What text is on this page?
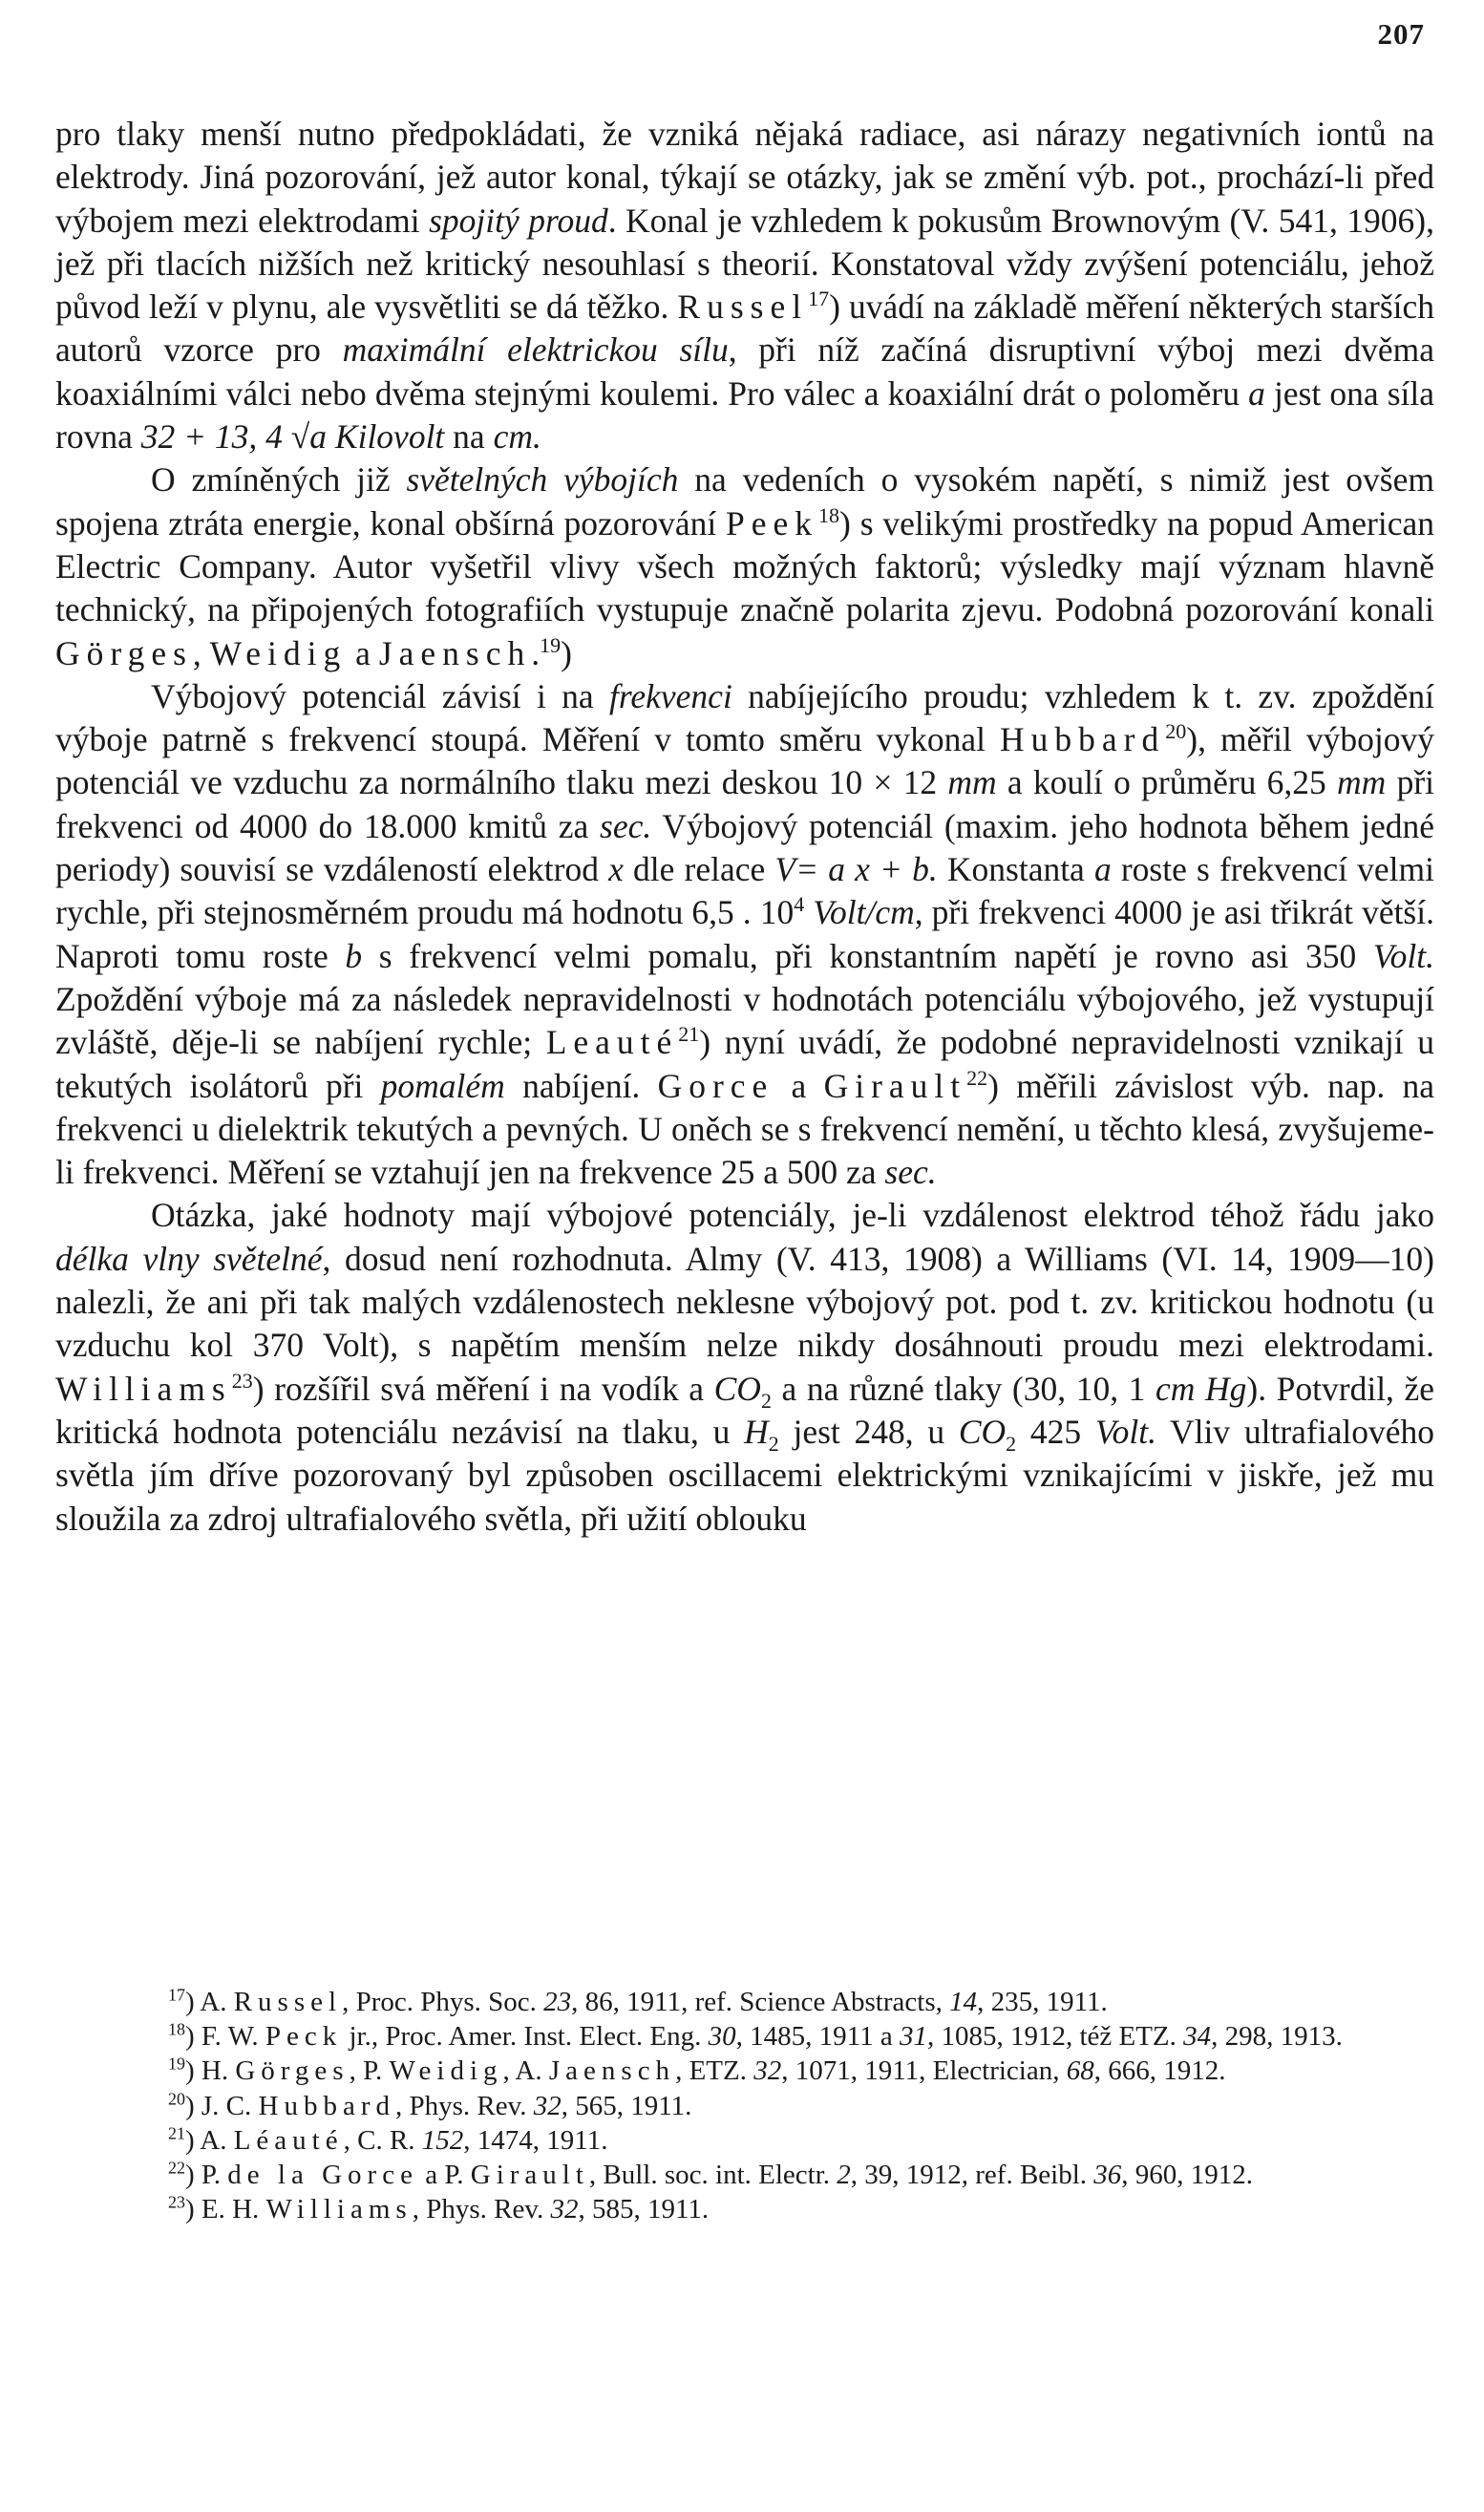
207

pro tlaky menší nutno předpokládati, že vzniká nějaká radiace, asi nárazy negativních iontů na elektrody. Jiná pozorování, jež autor konal, týkají se otázky, jak se změní výb. pot., prochází-li před výbojem mezi elektrodami spojitý proud. Konal je vzhledem k pokusům Brownovým (V. 541, 1906), jež při tlacích nižších než kritický nesouhlasí s theorií. Konstatoval vždy zvýšení potenciálu, jehož původ leží v plynu, ale vysvětliti se dá těžko. Russel$^{17}$) uvádí na základě měření některých starších autorů vzorce pro maximální elektrickou sílu, při níž začíná disruptivní výboj mezi dvěma koaxiálními válci nebo dvěma stejnými koulemi. Pro válec a koaxiální drát o poloměru a jest ona síla rovna 32 + 13, 4 √a Kilovolt na cm.

O zmíněných již světelných výbojích na vedeních o vysokém napětí, s nimiž jest ovšem spojena ztráta energie, konal obšírná pozorování Peek$^{18}$) s velikými prostředky na popud American Electric Company. Autor vyšetřil vlivy všech možných faktorů; výsledky mají význam hlavně technický, na připojených fotografiích vystupuje značně polarita zjevu. Podobná pozorování konali Görges, Weidig a Jaensch.$^{19}$)

Výbojový potenciál závisí i na frekvenci nabíjejícího proudu; vzhledem k t. zv. zpoždění výboje patrně s frekvencí stoupá. Měření v tomto směru vykonal Hubbard$^{20}$), měřil výbojový potenciál ve vzduchu za normálního tlaku mezi deskou 10 × 12 mm a koulí o průměru 6,25 mm při frekvenci od 4000 do 18.000 kmitů za sec. Výbojový potenciál (maxim. jeho hodnota během jedné periody) souvisí se vzdáleností elektrod x dle relace V= a x + b. Konstanta a roste s frekvencí velmi rychle, při stejnosměrném proudu má hodnotu 6,5 . $10^4$ Volt/cm, při frekvenci 4000 je asi třikrát větší. Naproti tomu roste b s frekvencí velmi pomalu, při konstantním napětí je rovno asi 350 Volt. Zpoždění výboje má za následek nepravidelnosti v hodnotách potenciálu výbojového, jež vystupují zvláště, děje-li se nabíjení rychle; Leauté$^{21}$) nyní uvádí, že podobné nepravidelnosti vznikají u tekutých isolátorů při pomalém nabíjení. Gorce a Girault$^{22}$) měřili závislost výb. nap. na frekvenci u dielektrik tekutých a pevných. U oněch se s frekvencí nemění, u těchto klesá, zvyšujeme-li frekvenci. Měření se vztahují jen na frekvence 25 a 500 za sec.

Otázka, jaké hodnoty mají výbojové potenciály, je-li vzdálenost elektrod téhož řádu jako délka vlny světelné, dosud není rozhodnuta. Almy (V. 413, 1908) a Williams (VI. 14, 1909—10) nalezli, že ani při tak malých vzdálenostech neklesne výbojový pot. pod t. zv. kritickou hodnotu (u vzduchu kol 370 Volt), s napětím menším nelze nikdy dosáhnouti proudu mezi elektrodami. Williams$^{23}$) rozšířil svá měření i na vodík a $CO_2$ a na různé tlaky (30, 10, 1 cm Hg). Potvrdil, že kritická hodnota potenciálu nezávisí na tlaku, u $H_2$ jest 248, u $CO_2$ 425 Volt. Vliv ultrafialového světla jím dříve pozorovaný byl způsoben oscillacemi elektrickými vznikajícími v jiskře, jež mu sloužila za zdroj ultrafialového světla, při užití oblouku

$^{17}$) A. Russel, Proc. Phys. Soc. 23, 86, 1911, ref. Science Abstracts, 14, 235, 1911.

$^{18}$) F. W. Peck jr., Proc. Amer. Inst. Elect. Eng. 30, 1485, 1911 a 31, 1085, 1912, též ETZ. 34, 298, 1913.

$^{19}$) H. Görges, P. Weidig, A. Jaensch, ETZ. 32, 1071, 1911, Electrician, 68, 666, 1912.

$^{20}$) J. C. Hubbard, Phys. Rev. 32, 565, 1911.

$^{21}$) A. Léauté, C. R. 152, 1474, 1911.

$^{22}$) P. de la Gorce a P. Girault, Bull. soc. int. Electr. 2, 39, 1912, ref. Beibl. 36, 960, 1912.

$^{23}$) E. H. Williams, Phys. Rev. 32, 585, 1911.
